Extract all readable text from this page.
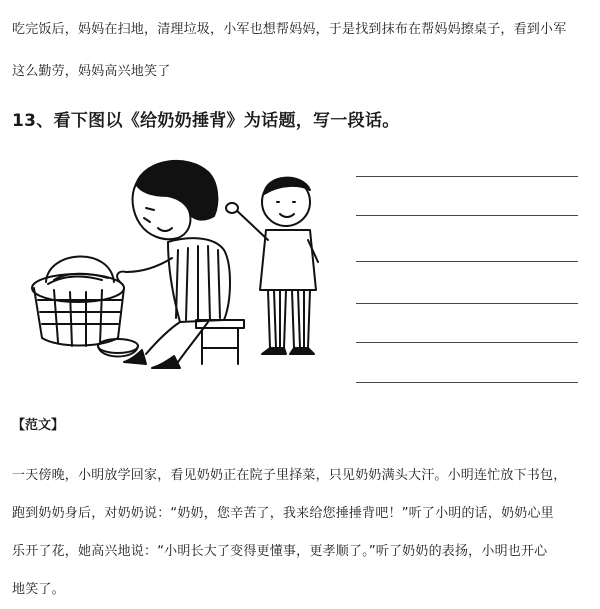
吃完饭后，妈妈在扫地，清理垃圾，小军也想帮妈妈，于是找到抹布在帮妈妈擦桌子，看到小军
这么勤劳，妈妈高兴地笑了
13、看下图以《给奶奶捶背》为话题，写一段话。
【范文】
一天傍晚，小明放学回家，看见奶奶正在院子里择菜，只见奶奶满头大汗。小明连忙放下书包，
跑到奶奶身后，对奶奶说：“奶奶，您辛苦了，我来给您捶捶背吧！”听了小明的话，奶奶心里
乐开了花，她高兴地说：“小明长大了变得更懂事，更孝顺了。”听了奶奶的表扬，小明也开心
地笑了。
